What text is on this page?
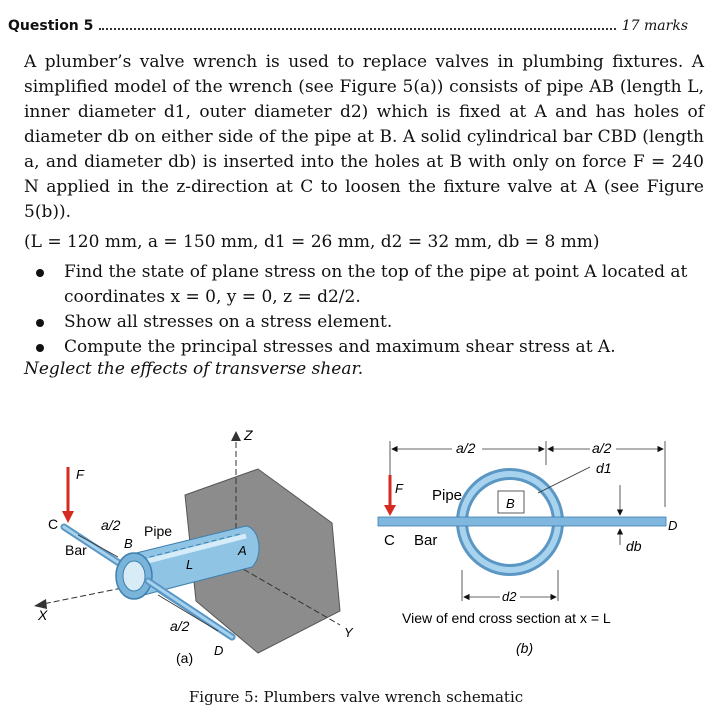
Question 5	17 marks

A plumber’s valve wrench is used to replace valves in plumbing fixtures. A simplified model of the wrench (see Figure 5(a)) consists of pipe AB (length L, inner diameter d1, outer diameter d2) which is fixed at A and has holes of diameter db on either side of the pipe at B. A solid cylindrical bar CBD (length a, and diameter db) is inserted into the holes at B with only on force F = 240 N applied in the z-direction at C to loosen the fixture valve at A (see Figure 5(b)).

(L = 120 mm, a = 150 mm, d1 = 26 mm, d2 = 32 mm, db = 8 mm)
Find the state of plane stress on the top of the pipe at point A located at coordinates x = 0, y = 0, z = d2/2.
Show all stresses on a stress element.
Compute the principal stresses and maximum shear stress at A.
Neglect the effects of transverse shear.
F
C
Bar
a/2
B
Pipe
L
A
Z
X
Y
a/2
D
(a)
a/2	a/2
d1
F Pipe	B
D
C Bar	db
d2
View of end cross section at x = L
(b)
Figure 5: Plumbers valve wrench schematic
